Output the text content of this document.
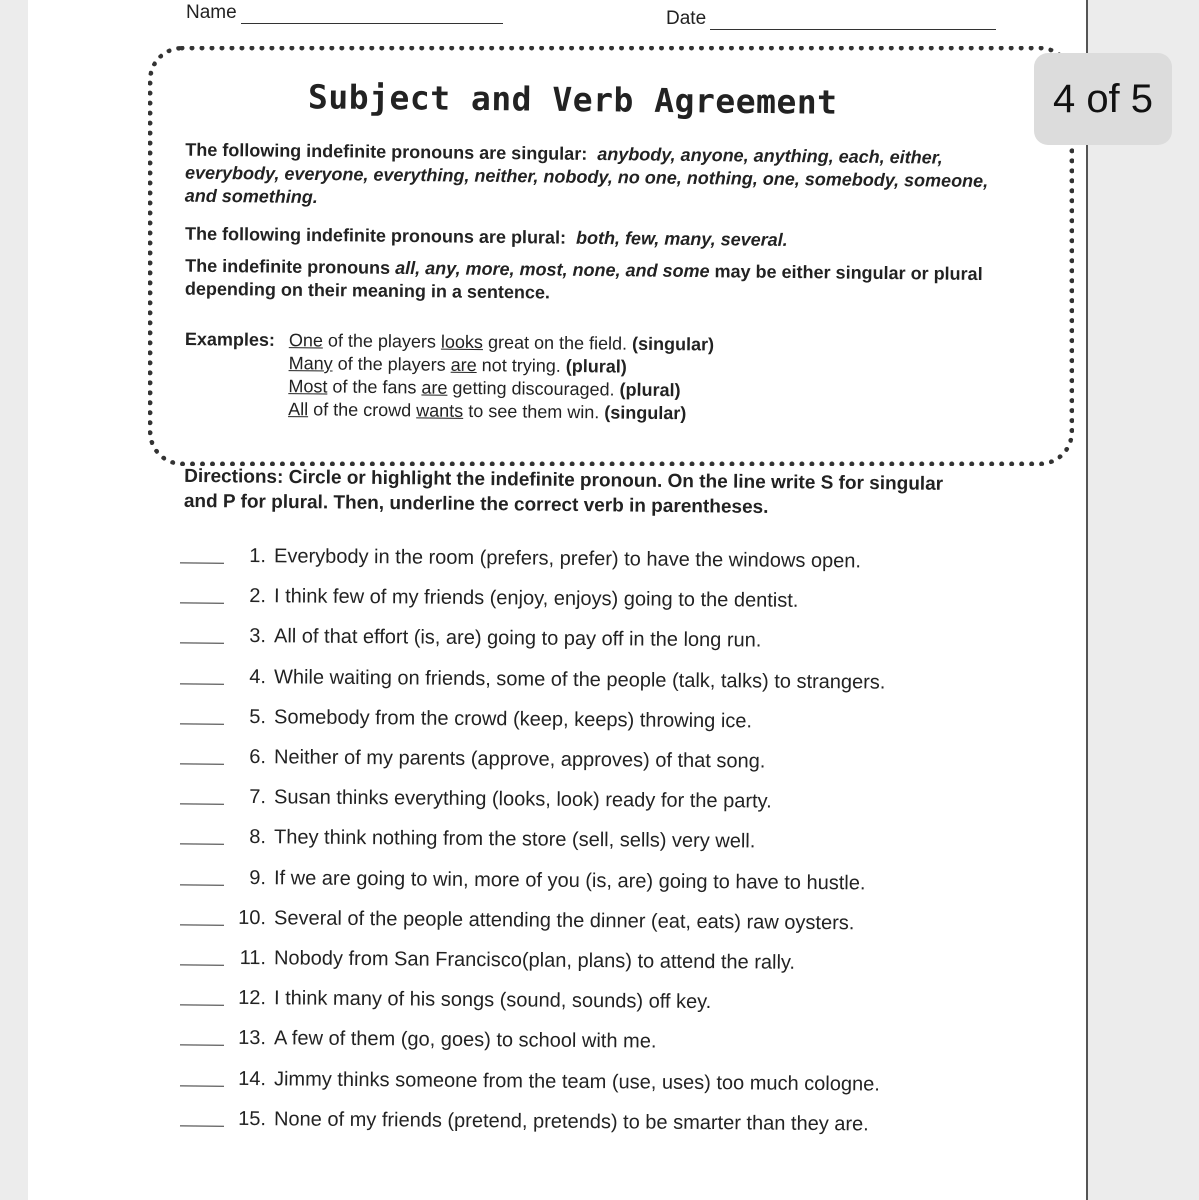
Name	Date
Subject and Verb Agreement
The following indefinite pronouns are singular: anybody, anyone, anything, each, either, everybody, everyone, everything, neither, nobody, no one, nothing, one, somebody, someone, and something.
The following indefinite pronouns are plural: both, few, many, several.
The indefinite pronouns all, any, more, most, none, and some may be either singular or plural depending on their meaning in a sentence.
Examples: One of the players looks great on the field. (singular)
Many of the players are not trying. (plural)
Most of the fans are getting discouraged. (plural)
All of the crowd wants to see them win. (singular)
Directions: Circle or highlight the indefinite pronoun. On the line write S for singular and P for plural. Then, underline the correct verb in parentheses.
1. Everybody in the room (prefers, prefer) to have the windows open.
2. I think few of my friends (enjoy, enjoys) going to the dentist.
3. All of that effort (is, are) going to pay off in the long run.
4. While waiting on friends, some of the people (talk, talks) to strangers.
5. Somebody from the crowd (keep, keeps) throwing ice.
6. Neither of my parents (approve, approves) of that song.
7. Susan thinks everything (looks, look) ready for the party.
8. They think nothing from the store (sell, sells) very well.
9. If we are going to win, more of you (is, are) going to have to hustle.
10. Several of the people attending the dinner (eat, eats) raw oysters.
11. Nobody from San Francisco(plan, plans) to attend the rally.
12. I think many of his songs (sound, sounds) off key.
13. A few of them (go, goes) to school with me.
14. Jimmy thinks someone from the team (use, uses) too much cologne.
15. None of my friends (pretend, pretends) to be smarter than they are.
4 of 5
